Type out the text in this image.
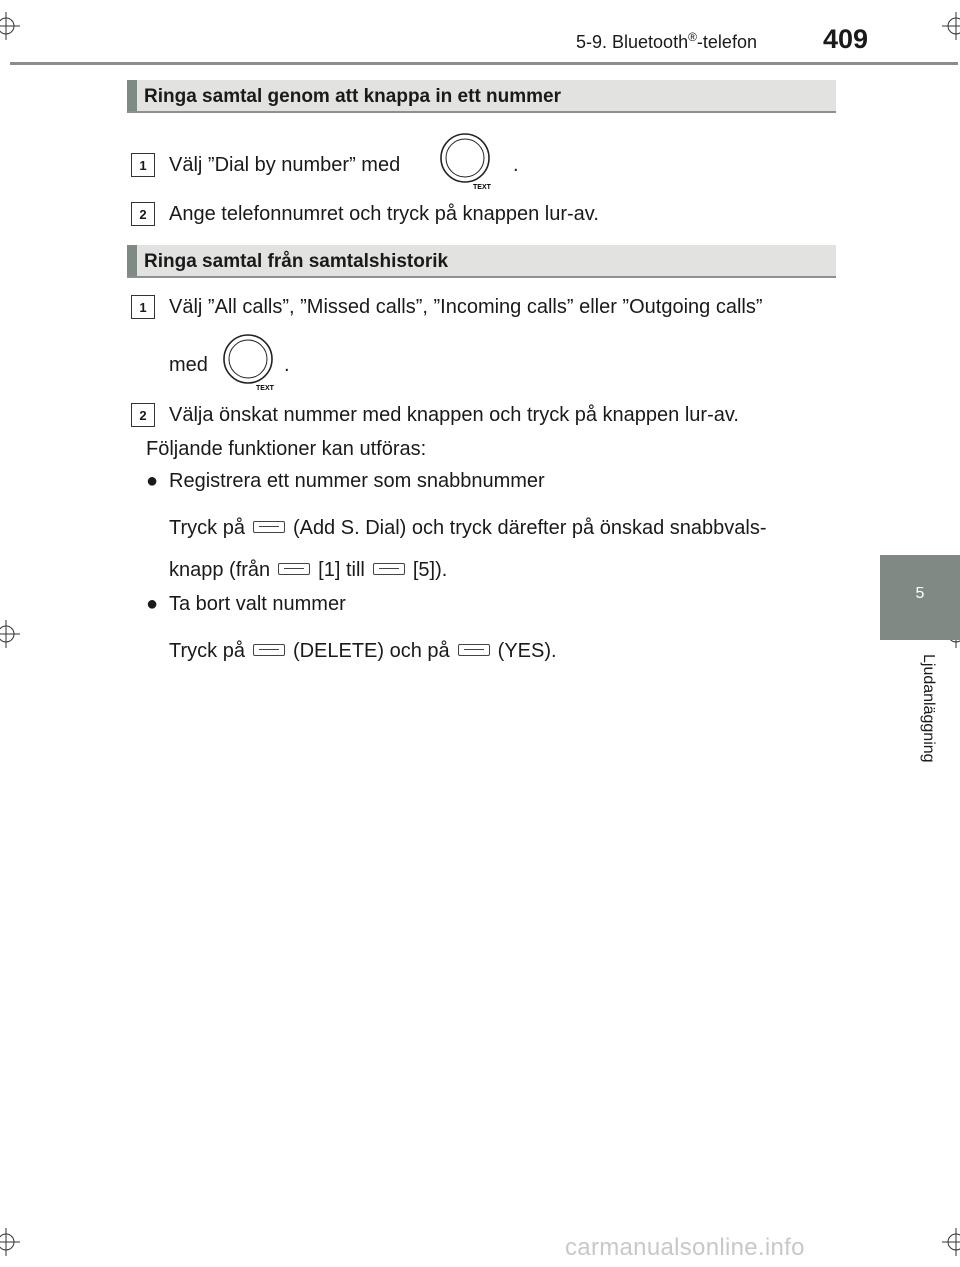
5-9. Bluetooth®-telefon 409
5
Ljudanläggning
Ringa samtal genom att knappa in ett nummer
1	Välj ”Dial by number” med
TEXT
.
2	Ange telefonnumret och tryck på knappen lur-av.
Ringa samtal från samtalshistorik
1	Välj ”All calls”, ”Missed calls”, ”Incoming calls” eller ”Outgoing calls”
med
TEXT
.
2	Välja önskat nummer med knappen och tryck på knappen lur-av.
Följande funktioner kan utföras:
● Registrera ett nummer som snabbnummer
Tryck på (Add S. Dial) och tryck därefter på önskad snabbvals-
knapp (från [1] till [5]).
● Ta bort valt nummer
Tryck på (DELETE) och på (YES).
carmanualsonline.info
